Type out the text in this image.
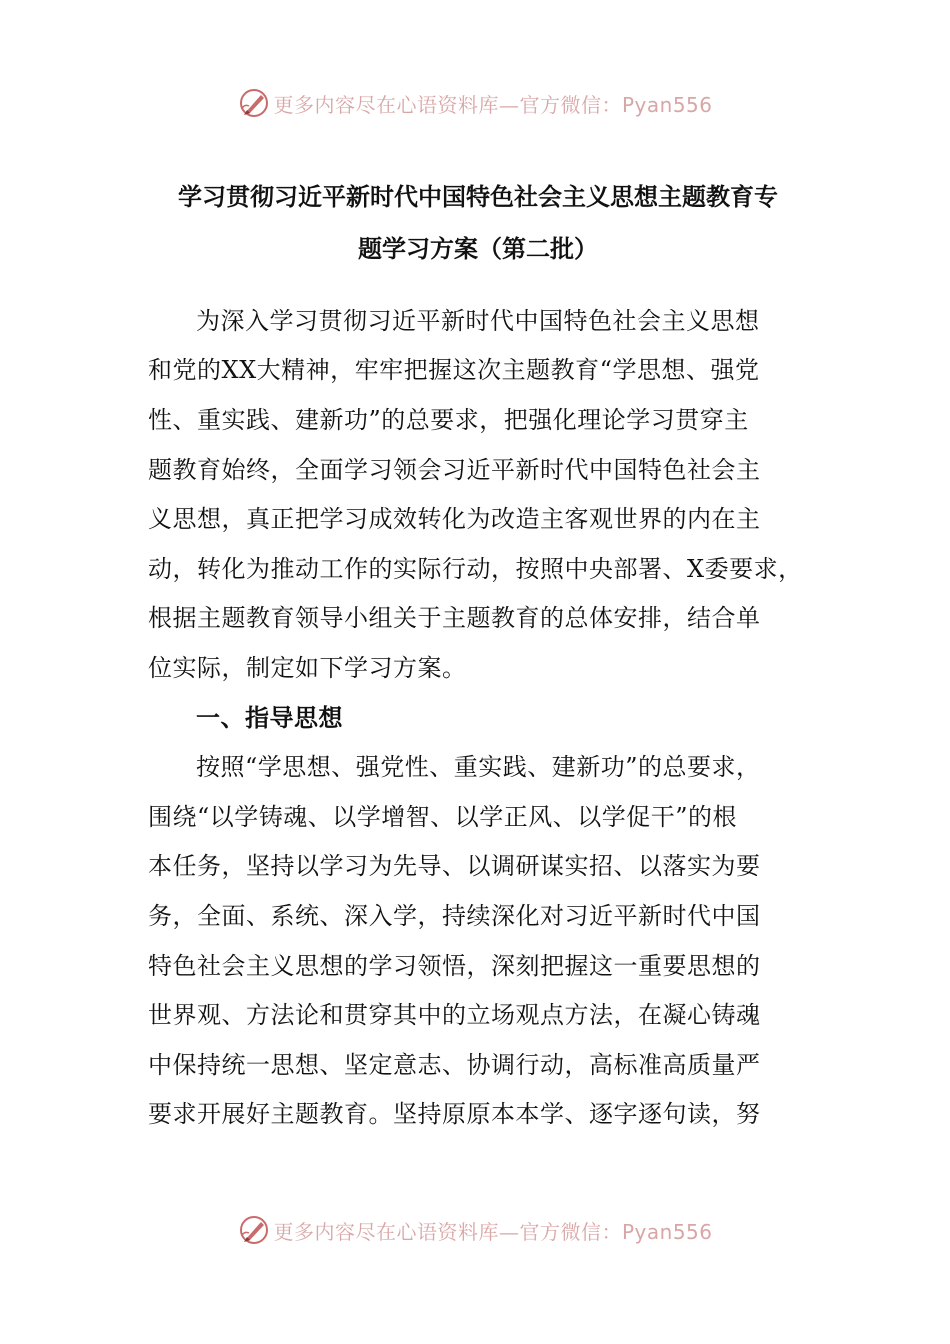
更多内容尽在心语资料库—官方微信：Pyan556
学习贯彻习近平新时代中国特色社会主义思想主题教育专
题学习方案（第二批）
为深入学习贯彻习近平新时代中国特色社会主义思想
和党的XX大精神，牢牢把握这次主题教育“学思想、强党
性、重实践、建新功”的总要求，把强化理论学习贯穿主
题教育始终，全面学习领会习近平新时代中国特色社会主
义思想，真正把学习成效转化为改造主客观世界的内在主
动，转化为推动工作的实际行动，按照中央部署、X委要求，
根据主题教育领导小组关于主题教育的总体安排，结合单
位实际，制定如下学习方案。
一、指导思想
按照“学思想、强党性、重实践、建新功”的总要求，
围绕“以学铸魂、以学增智、以学正风、以学促干”的根
本任务，坚持以学习为先导、以调研谋实招、以落实为要
务，全面、系统、深入学，持续深化对习近平新时代中国
特色社会主义思想的学习领悟，深刻把握这一重要思想的
世界观、方法论和贯穿其中的立场观点方法，在凝心铸魂
中保持统一思想、坚定意志、协调行动，高标准高质量严
要求开展好主题教育。坚持原原本本学、逐字逐句读，努
更多内容尽在心语资料库—官方微信：Pyan556
